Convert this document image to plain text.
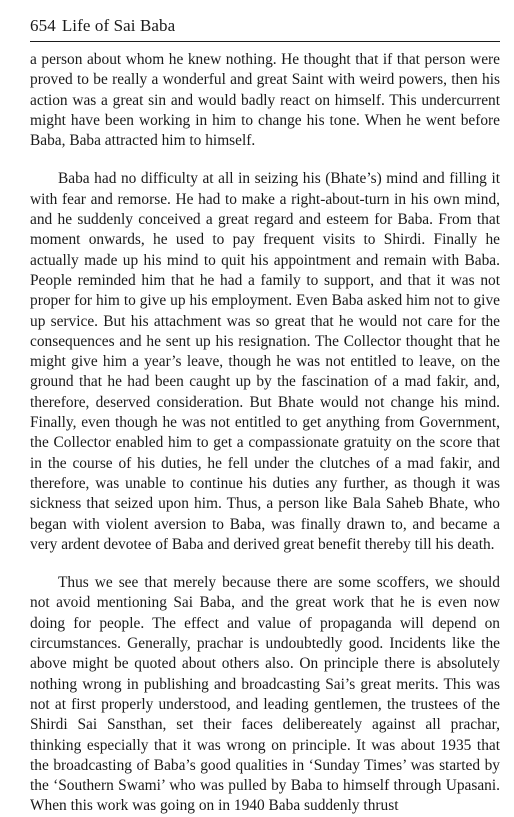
654 Life of Sai Baba

a person about whom he knew nothing. He thought that if that person were proved to be really a wonderful and great Saint with weird powers, then his action was a great sin and would badly react on himself. This undercurrent might have been working in him to change his tone. When he went before Baba, Baba attracted him to himself.

Baba had no difficulty at all in seizing his (Bhate’s) mind and filling it with fear and remorse. He had to make a right-about-turn in his own mind, and he suddenly conceived a great regard and esteem for Baba. From that moment onwards, he used to pay frequent visits to Shirdi. Finally he actually made up his mind to quit his appointment and remain with Baba. People reminded him that he had a family to support, and that it was not proper for him to give up his employment. Even Baba asked him not to give up service. But his attachment was so great that he would not care for the consequences and he sent up his resignation. The Collector thought that he might give him a year’s leave, though he was not entitled to leave, on the ground that he had been caught up by the fascination of a mad fakir, and, therefore, deserved consideration. But Bhate would not change his mind. Finally, even though he was not entitled to get anything from Government, the Collector enabled him to get a compassionate gratuity on the score that in the course of his duties, he fell under the clutches of a mad fakir, and therefore, was unable to continue his duties any further, as though it was sickness that seized upon him. Thus, a person like Bala Saheb Bhate, who began with violent aversion to Baba, was finally drawn to, and became a very ardent devotee of Baba and derived great benefit thereby till his death.

Thus we see that merely because there are some scoffers, we should not avoid mentioning Sai Baba, and the great work that he is even now doing for people. The effect and value of propaganda will depend on circumstances. Generally, prachar is undoubtedly good. Incidents like the above might be quoted about others also. On principle there is absolutely nothing wrong in publishing and broadcasting Sai’s great merits. This was not at first properly understood, and leading gentlemen, the trustees of the Shirdi Sai Sansthan, set their faces delibereately against all prachar, thinking especially that it was wrong on principle. It was about 1935 that the broadcasting of Baba’s good qualities in ‘Sunday Times’ was started by the ‘Southern Swami’ who was pulled by Baba to himself through Upasani. When this work was going on in 1940 Baba suddenly thrust
